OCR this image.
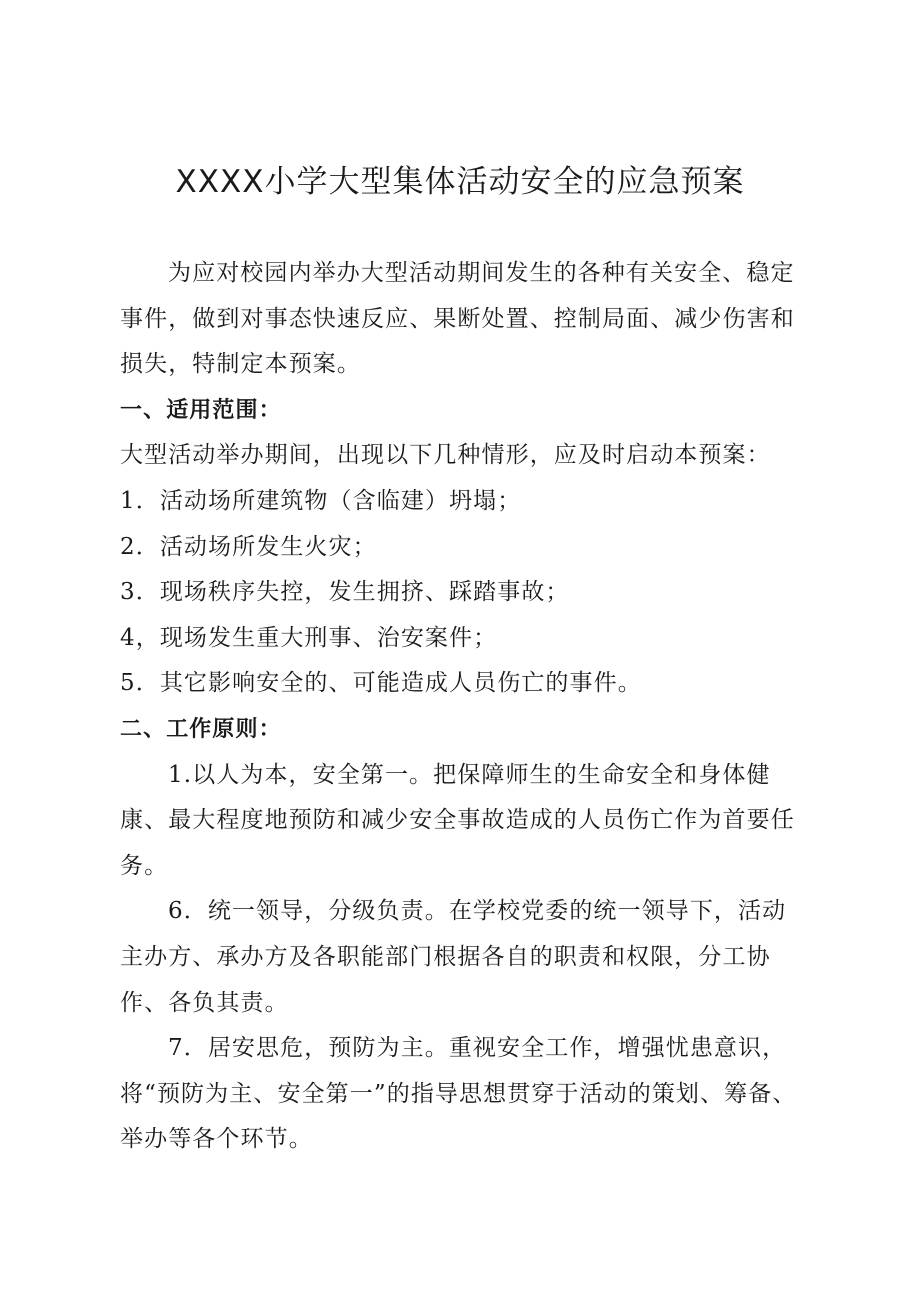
XXXX小学大型集体活动安全的应急预案

为应对校园内举办大型活动期间发生的各种有关安全、稳定事件，做到对事态快速反应、果断处置、控制局面、减少伤害和损失，特制定本预案。

一、适用范围：

大型活动举办期间，出现以下几种情形，应及时启动本预案：

1．活动场所建筑物（含临建）坍塌；

2．活动场所发生火灾；

3．现场秩序失控，发生拥挤、踩踏事故；

4，现场发生重大刑事、治安案件；

5．其它影响安全的、可能造成人员伤亡的事件。

二、工作原则：

1.以人为本，安全第一。把保障师生的生命安全和身体健康、最大程度地预防和减少安全事故造成的人员伤亡作为首要任务。

6．统一领导，分级负责。在学校党委的统一领导下，活动主办方、承办方及各职能部门根据各自的职责和权限，分工协作、各负其责。

7．居安思危，预防为主。重视安全工作，增强忧患意识，将“预防为主、安全第一”的指导思想贯穿于活动的策划、筹备、举办等各个环节。
